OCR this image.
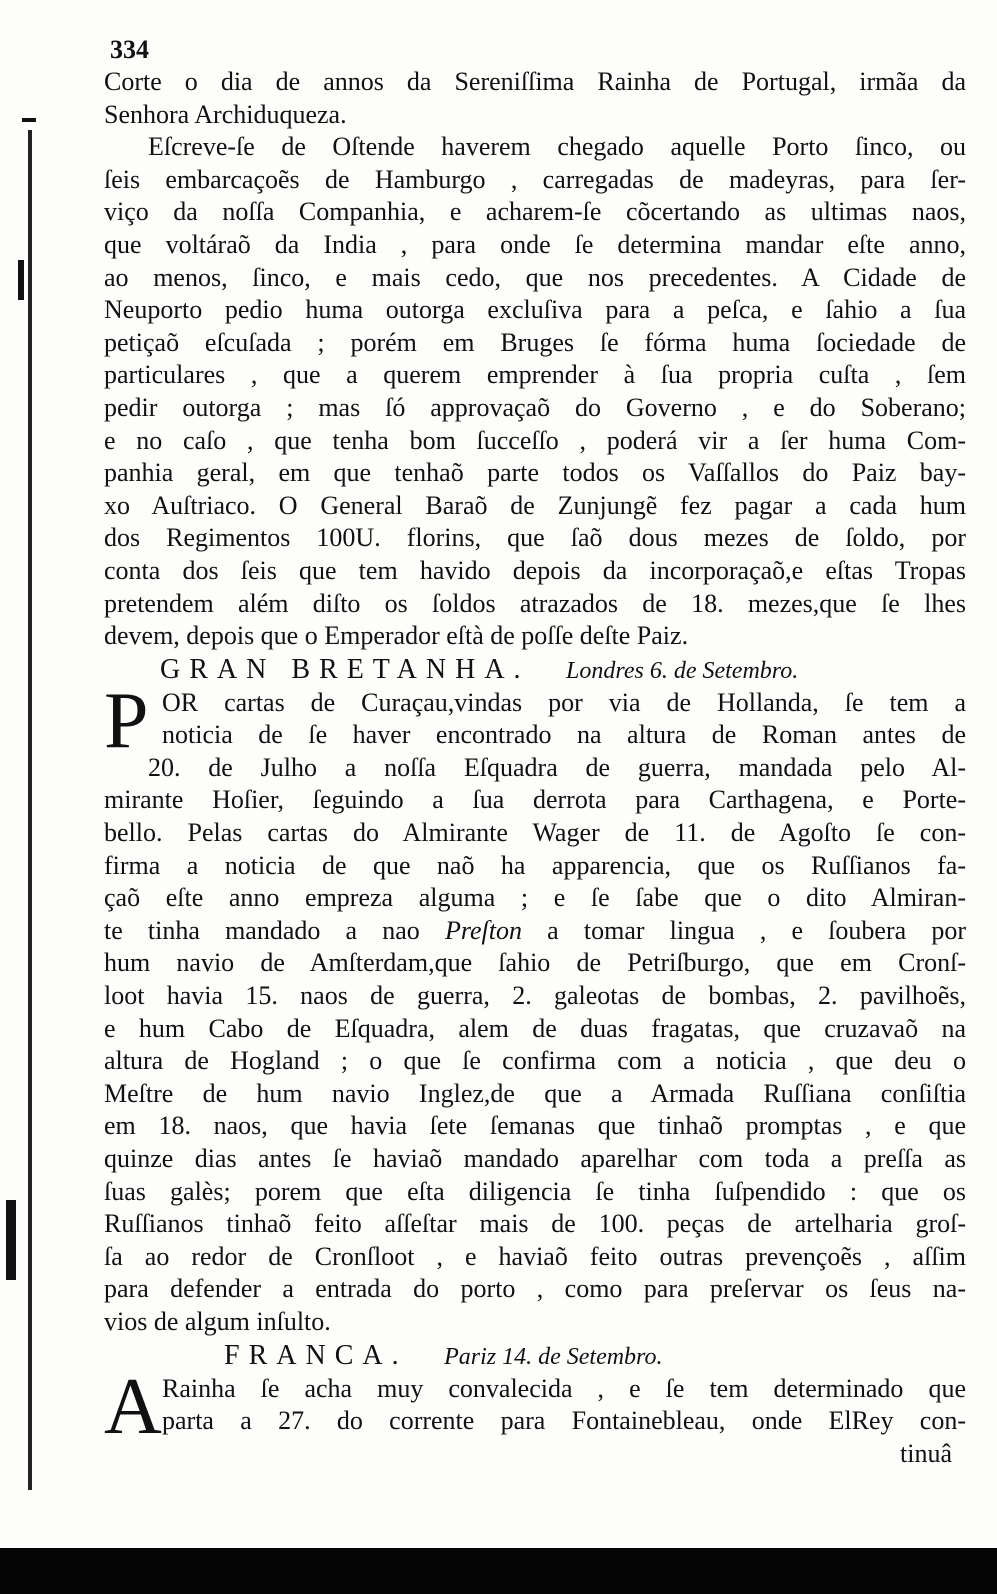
334
Corte o dia de annos da Sereniſſima Rainha de Portugal, irmãa da
Senhora Archiduqueza.
Eſcreve-ſe de Oſtende haverem chegado aquelle Porto ſinco, ou
ſeis embarcaçoẽs de Hamburgo , carregadas de madeyras, para ſer-
viço da noſſa Companhia, e acharem-ſe cõcertando as ultimas naos,
que voltáraõ da India , para onde ſe determina mandar eſte anno,
ao menos, ſinco, e mais cedo, que nos precedentes. A Cidade de
Neuporto pedio huma outorga excluſiva para a peſca, e ſahio a ſua
petiçaõ eſcuſada ; porém em Bruges ſe fórma huma ſociedade de
particulares , que a querem emprender à ſua propria cuſta , ſem
pedir outorga ; mas ſó approvaçaõ do Governo , e do Soberano;
e no caſo , que tenha bom ſucceſſo , poderá vir a ſer huma Com-
panhia geral, em que tenhaõ parte todos os Vaſſallos do Paiz bay-
xo Auſtriaco. O General Baraõ de Zunjungẽ fez pagar a cada hum
dos Regimentos 100U. florins, que ſaõ dous mezes de ſoldo, por
conta dos ſeis que tem havido depois da incorporaçaõ,e eſtas Tropas
pretendem além diſto os ſoldos atrazados de 18. mezes,que ſe lhes
devem, depois que o Emperador eſtà de poſſe deſte Paiz.
GRAN BRETANHA. Londres 6. de Setembro.
P OR cartas de Curaçau,vindas por via de Hollanda, ſe tem a
noticia de ſe haver encontrado na altura de Roman antes de
20. de Julho a noſſa Eſquadra de guerra, mandada pelo Al-
mirante Hoſier, ſeguindo a ſua derrota para Carthagena, e Porte-
bello. Pelas cartas do Almirante Wager de 11. de Agoſto ſe con-
firma a noticia de que naõ ha apparencia, que os Ruſſianos fa-
çaõ eſte anno empreza alguma ; e ſe ſabe que o dito Almiran-
te tinha mandado a nao Preſton a tomar lingua , e ſoubera por
hum navio de Amſterdam,que ſahio de Petriſburgo, que em Cronſ-
loot havia 15. naos de guerra, 2. galeotas de bombas, 2. pavilhoẽs,
e hum Cabo de Eſquadra, alem de duas fragatas, que cruzavaõ na
altura de Hogland ; o que ſe confirma com a noticia , que deu o
Meſtre de hum navio Inglez,de que a Armada Ruſſiana conſiſtia
em 18. naos, que havia ſete ſemanas que tinhaõ promptas , e que
quinze dias antes ſe haviaõ mandado aparelhar com toda a preſſa as
ſuas galès; porem que eſta diligencia ſe tinha ſuſpendido : que os
Ruſſianos tinhaõ feito aſſeſtar mais de 100. peças de artelharia groſ-
ſa ao redor de Cronſloot , e haviaõ feito outras prevençoẽs , aſſim
para defender a entrada do porto , como para preſervar os ſeus na-
vios de algum inſulto.
FRANCA. Pariz 14. de Setembro.
A Rainha ſe acha muy convalecida , e ſe tem determinado que
parta a 27. do corrente para Fontainebleau, onde ElRey con-
tinuâ
